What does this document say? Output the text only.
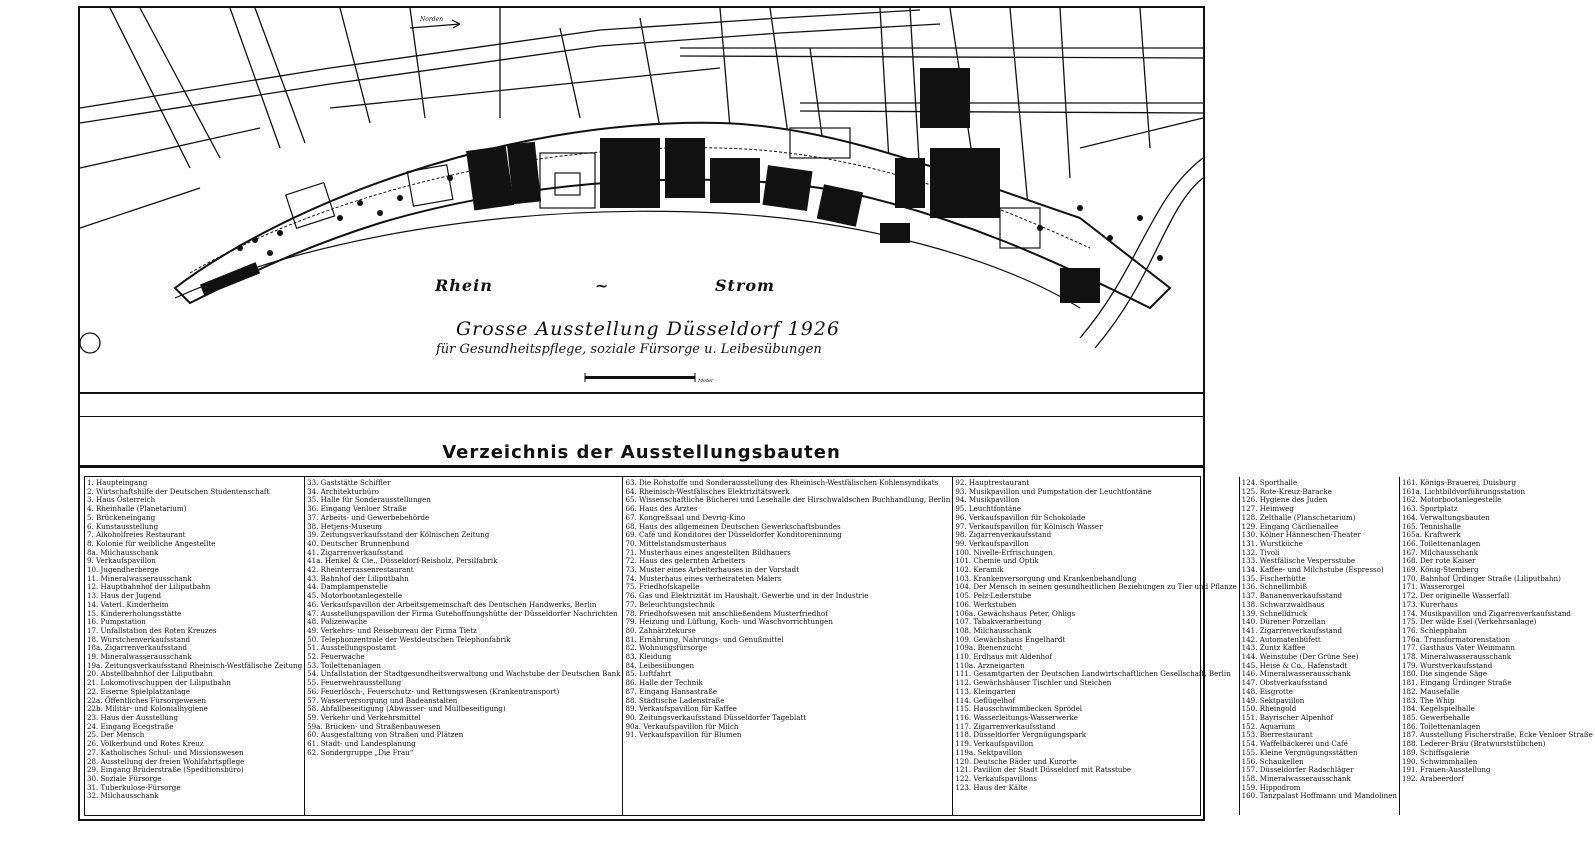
Rhein	~	Strom
Grosse Ausstellung Düsseldorf 1926
für Gesundheitspflege, soziale Fürsorge u. Leibesübungen
Norden
Meter
Verzeichnis der Ausstellungsbauten
1. Haupteingang
2. Wirtschaftshilfe der Deutschen Studentenschaft
3. Haus Österreich
4. Rheinhalle (Planetarium)
5. Brückeneingang
6. Kunstausstellung
7. Alkoholfreies Restaurant
8. Kolonie für weibliche Angestellte
8a. Milchausschank
9. Verkaufspavillon
10. Jugendherberge
11. Mineralwasserausschank
12. Hauptbahnhof der Liliputbahn
13. Haus der Jugend
14. Vaterl. Kinderheim
15. Kindererholungsstätte
16. Pumpstation
17. Unfallstation des Roten Kreuzes
18. Wurstchenverkaufsstand
18a. Zigarrenverkaufsstand
19. Mineralwasserausschank
19a. Zeitungsverkaufsstand Rheinisch-Westfälische Zeitung
20. Abstellbahnhof der Liliputbahn
21. Lokomotivschuppen der Liliputbahn
22. Eiserne Spielplatzanlage
22a. Öffentliches Fürsorgewesen
22b. Militär- und Kolonialhygiene
23. Haus der Ausstellung
24. Eingang Ecegstraße
25. Der Mensch
26. Völkerbund und Rotes Kreuz
27. Katholisches Schul- und Missionswesen
28. Ausstellung der freien Wohlfahrtspflege
29. Eingang Brüderstraße (Speditionsbüro)
30. Soziale Fürsorge
31. Tuberkulose-Fürsorge
32. Milchausschank
33. Gaststätte Schiffler
34. Architekturbüro
35. Halle für Sonderausstellungen
36. Eingang Venloer Straße
37. Arbeits- und Gewerbebehörde
38. Hetjens-Museum
39. Zeitungsverkaufsstand der Kölnischen Zeitung
40. Deutscher Brunnenbund
41. Zigarrenverkaufsstand
41a. Henkel & Cie., Düsseldorf-Reisholz, Persilfabrik
42. Rheinterrassenrestaurant
43. Bahnhof der Liliputbahn
44. Damplampenstelle
45. Motorbootanlegestelle
46. Verkaufspavillon der Arbeitsgemeinschaft des Deutschen Handwerks, Berlin
47. Ausstellungspavillon der Firma Gutehoffnungshütte der Düsseldorfer Nachrichten
48. Polizeiwache
49. Verkehrs- und Reisebureau der Firma Tietz
50. Telephonzentrale der Westdeutschen Telephonfabrik
51. Ausstellungspostamt
52. Feuerwache
53. Toilettenanlagen
54. Unfallstation der Stadtgesundheitsverwaltung und Wachstube der Deutschen Bank
55. Feuerwehrausstellung
56. Feuerlösch-, Feuerschutz- und Rettungswesen (Krankentransport)
57. Wasserversorgung und Badeanstalten
58. Abfallbeseitigung (Abwasser- und Müllbeseitigung)
59. Verkehr und Verkehrsmittel
59a. Brücken- und Straßenbauwesen
60. Ausgestaltung von Straßen und Plätzen
61. Stadt- und Landesplanung
62. Sondergruppe „Die Frau“
63. Die Rohstoffe und Sonderausstellung des Rheinisch-Westfälischen Kohlensyndikats
64. Rheinisch-Westfälisches Elektrizitätswerk
65. Wissenschaftliche Bücherei und Lesehalle der Hirschwaldschen Buchhandlung, Berlin
66. Haus des Arztes
67. Kongreßsaal und Devrig-Kino
68. Haus des allgemeinen Deutschen Gewerkschaftsbundes
69. Café und Konditorei der Düsseldorfer Konditoreninnung
70. Mittelstandsmusterhaus
71. Musterhaus eines angestellten Bildhauers
72. Haus des gelernten Arbeiters
73. Muster eines Arbeiterhauses in der Vorstadt
74. Musterhaus eines verheirateten Malers
75. Friedhofskapelle
76. Gas und Elektrizität im Haushalt, Gewerbe und in der Industrie
77. Beleuchtungstechnik
78. Friedhofswesen mit anschließendem Musterfriedhof
79. Heizung und Lüftung, Koch- und Waschvorrichtungen
80. Zahnärztekurse
81. Ernährung, Nahrungs- und Genußmittel
82. Wohnungsfürsorge
83. Kleidung
84. Leibesübungen
85. Luftfahrt
86. Halle der Technik
87. Eingang Hansastraße
88. Städtische Ladenstraße
89. Verkaufspavillon für Kaffee
90. Zeitungsverkaufsstand Düsseldorfer Tageblatt
90a. Verkaufspavillon für Milch
91. Verkaufspavillon für Blumen
92. Hauptrestaurant
93. Musikpavillon und Pumpstation der Leuchtfontäne
94. Musikpavillon
95. Leuchtfontäne
96. Verkaufspavillon für Schokolade
97. Verkaufspavillon für Kölnisch Wasser
98. Zigarrenverkaufsstand
99. Verkaufspavillon
100. Nivelle-Erfrischungen
101. Chemie und Optik
102. Keramik
103. Krankenversorgung und Krankenbehandlung
104. Der Mensch in seinen gesundheitlichen Beziehungen zu Tier und Pflanze
105. Pelz-Lederstube
106. Werkstuben
106a. Gewächshaus Peter, Ohligs
107. Tabakverarbeitung
108. Milchausschank
109. Gewächshaus Engelhardt
109a. Bienenzucht
110. Erdhaus mit Aldenhof
110a. Arzneigarten
111. Gesamtgarten der Deutschen Landwirtschaftlichen Gesellschaft, Berlin
112. Gewächshäuser Tischler und Steichen
113. Kleingarten
114. Geflügelhof
115. Hausschwimmbecken Sprödel
116. Wasserleitungs-Wasserwerke
117. Zigarrenverkaufsstand
118. Düsseldorfer Vergnügungspark
119. Verkaufspavillon
119a. Sektpavillon
120. Deutsche Bäder und Kurorte
121. Pavillon der Stadt Düsseldorf mit Ratsstube
122. Verkaufspavillons
123. Haus der Kälte
124. Sporthalle
125. Rote-Kreuz-Baracke
126. Hygiene des Juden
127. Heimweg
128. Zelthalle (Planschetarium)
129. Eingang Cäcilienallee
130. Kölner Hänneschen-Theater
131. Wurstküche
132. Tivoli
133. Westfälische Vespersstube
134. Kaffee- und Milchstube (Espresso)
135. Fischerhütte
136. Schnellimbiß
137. Bananenverkaufsstand
138. Schwarzwaldhaus
139. Schnelldruck
140. Dürener Porzellan
141. Zigarrenverkaufsstand
142. Automatenbüfett
143. Zuntz Kaffee
144. Weinstube (Der Grüne See)
145. Heise & Co., Hafenstadt
146. Mineralwasserausschank
147. Obstverkaufsstand
148. Eisgrotte
149. Sektpavillon
150. Rheingold
151. Bayrischer Alpenhof
152. Aquarium
153. Bierrestaurant
154. Waffelbäckerei und Café
155. Kleine Vergnügungsstätten
156. Schaukellen
157. Düsseldorfer Radschläger
158. Mineralwasserausschank
159. Hippodrom
160. Tanzpalast Hoffmann und Mandolinen
161. Königs-Brauerei, Duisburg
161a. Lichtbildvorführungsstation
162. Motorbootanlegestelle
163. Sportplatz
164. Verwaltungsbauten
165. Tennishalle
165a. Kraftwerk
166. Toilettenanlagen
167. Milchausschank
168. Der rote Kaiser
169. König-Stemberg
170. Bahnhof Ürdinger Straße (Liliputbahn)
171. Wasserorgel
172. Der originelle Wasserfall
173. Kurerhaus
174. Musikpavillon und Zigarrenverkaufsstand
175. Der wilde Esel (Verkehrsanlage)
176. Schleppbahn
176a. Transformatorenstation
177. Gasthaus Vater Weinmann
178. Mineralwasserausschank
179. Wurstverkaufsstand
180. Die singende Säge
181. Eingang Ürdinger Straße
182. Mausefalle
183. The Whip
184. Kegelspielhalle
185. Gewerbehalle
186. Toilettenanlagen
187. Ausstellung Fischerstraße, Ecke Venloer Straße
188. Lederer-Bräu (Bratwurststübchen)
189. Schiffsgalerie
190. Schwimmhallen
191. Frauen-Ausstellung
192. Arabeerdorf
